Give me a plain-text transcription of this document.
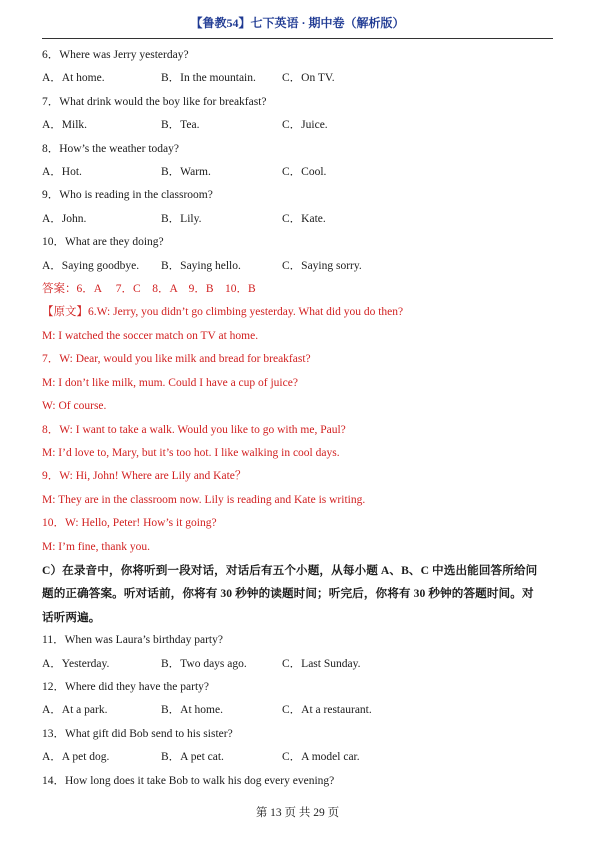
【鲁教54】七下英语 · 期中卷（解析版）
6．Where was Jerry yesterday?
A．At home.	B．In the mountain.	C．On TV.
7．What drink would the boy like for breakfast?
A．Milk.	B．Tea.	C．Juice.
8．How’s the weather today?
A．Hot.	B．Warm.	C．Cool.
9．Who is reading in the classroom?
A．John.	B．Lily.	C．Kate.
10．What are they doing?
A．Saying goodbye.	B．Saying hello.	C．Saying sorry.
答案：6．A　 7．C　8．A　9．B　10．B
【原文】6.W: Jerry, you didn’t go climbing yesterday. What did you do then?
M: I watched the soccer match on TV at home.
7．W: Dear, would you like milk and bread for breakfast?
M: I don’t like milk, mum. Could I have a cup of juice?
W: Of course.
8．W: I want to take a walk. Would you like to go with me, Paul?
M: I’d love to, Mary, but it’s too hot. I like walking in cool days.
9．W: Hi, John! Where are Lily and Kate？
M: They are in the classroom now. Lily is reading and Kate is writing.
10．W: Hello, Peter! How’s it going?
M: I’m fine, thank you.
C）在录音中，你将听到一段对话，对话后有五个小题，从每小题 A、B、C 中选出能回答所给问
题的正确答案。听对话前，你将有 30 秒钟的读题时间；听完后，你将有 30 秒钟的答题时间。对
话听两遍。
11．When was Laura’s birthday party?
A．Yesterday.	B．Two days ago.	C．Last Sunday.
12．Where did they have the party?
A．At a park.	B．At home.	C．At a restaurant.
13．What gift did Bob send to his sister?
A．A pet dog.	B．A pet cat.	C．A model car.
14．How long does it take Bob to walk his dog every evening?
第 13 页 共 29 页
